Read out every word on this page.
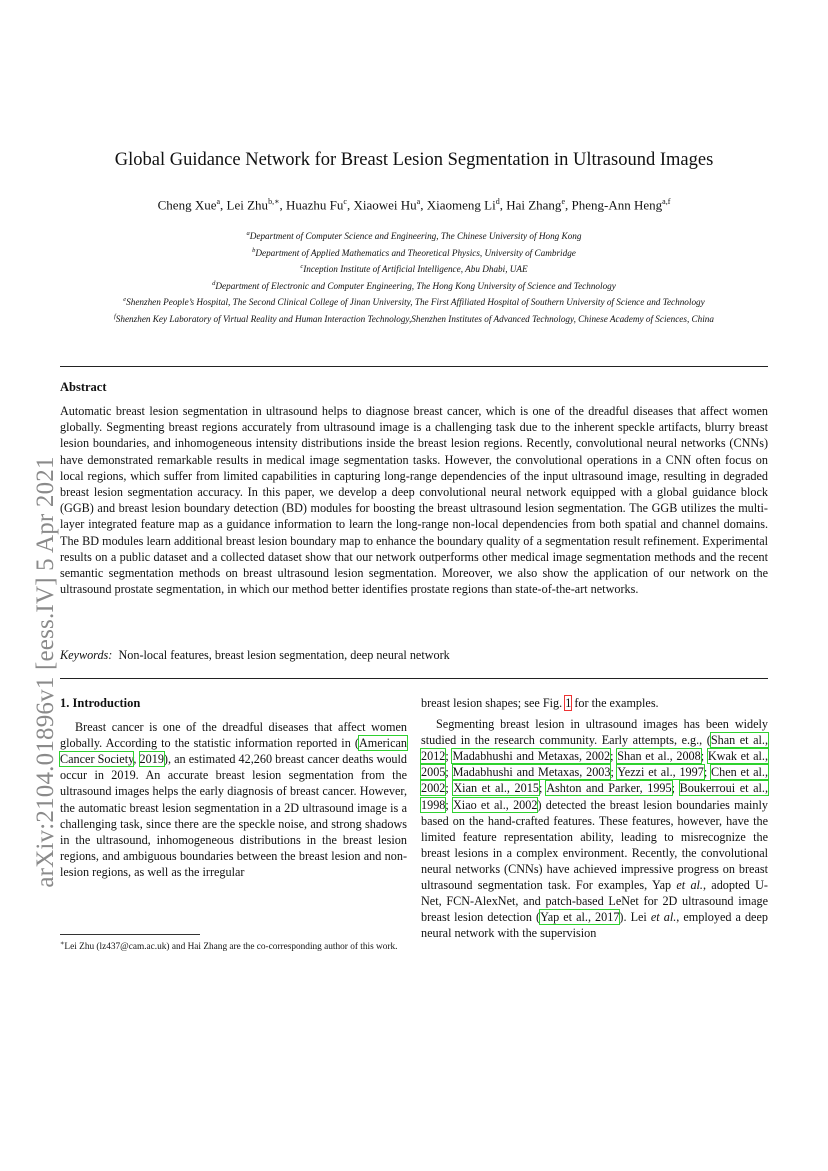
arXiv:2104.01896v1 [eess.IV] 5 Apr 2021
Global Guidance Network for Breast Lesion Segmentation in Ultrasound Images
Cheng Xue$^a$, Lei Zhu$^{b,∗}$, Huazhu Fu$^c$, Xiaowei Hu$^a$, Xiaomeng Li$^d$, Hai Zhang$^e$, Pheng-Ann Heng$^{a,f}$
$^a$Department of Computer Science and Engineering, The Chinese University of Hong Kong
$^b$Department of Applied Mathematics and Theoretical Physics, University of Cambridge
$^c$Inception Institute of Artificial Intelligence, Abu Dhabi, UAE
$^d$Department of Electronic and Computer Engineering, The Hong Kong University of Science and Technology
$^e$Shenzhen People’s Hospital, The Second Clinical College of Jinan University, The First Affiliated Hospital of Southern University of Science and Technology
$^f$Shenzhen Key Laboratory of Virtual Reality and Human Interaction Technology,Shenzhen Institutes of Advanced Technology, Chinese Academy of Sciences, China
Abstract
Automatic breast lesion segmentation in ultrasound helps to diagnose breast cancer, which is one of the dreadful diseases that affect women globally. Segmenting breast regions accurately from ultrasound image is a challenging task due to the inherent speckle artifacts, blurry breast lesion boundaries, and inhomogeneous intensity distributions inside the breast lesion regions. Recently, convolutional neural networks (CNNs) have demonstrated remarkable results in medical image segmentation tasks. However, the convolutional operations in a CNN often focus on local regions, which suffer from limited capabilities in capturing long-range dependencies of the input ultrasound image, resulting in degraded breast lesion segmentation accuracy. In this paper, we develop a deep convolutional neural network equipped with a global guidance block (GGB) and breast lesion boundary detection (BD) modules for boosting the breast ultrasound lesion segmentation. The GGB utilizes the multi-layer integrated feature map as a guidance information to learn the long-range non-local dependencies from both spatial and channel domains. The BD modules learn additional breast lesion boundary map to enhance the boundary quality of a segmentation result refinement. Experimental results on a public dataset and a collected dataset show that our network outperforms other medical image segmentation methods and the recent semantic segmentation methods on breast ultrasound lesion segmentation. Moreover, we also show the application of our network on the ultrasound prostate segmentation, in which our method better identifies prostate regions than state-of-the-art networks.
Keywords: Non-local features, breast lesion segmentation, deep neural network
1. Introduction

Breast cancer is one of the dreadful diseases that affect women globally. According to the statistic information reported in (American Cancer Society, 2019), an estimated 42,260 breast cancer deaths would occur in 2019. An accurate breast lesion segmentation from the ultrasound images helps the early diagnosis of breast cancer. However, the automatic breast lesion segmentation in a 2D ultrasound image is a challenging task, since there are the speckle noise, and strong shadows in the ultrasound, inhomogeneous distributions in the breast lesion regions, and ambiguous boundaries between the breast lesion and non-lesion regions, as well as the irregular

breast lesion shapes; see Fig. 1 for the examples.

Segmenting breast lesion in ultrasound images has been widely studied in the research community. Early attempts, e.g., (Shan et al., 2012; Madabhushi and Metaxas, 2002; Shan et al., 2008; Kwak et al., 2005; Madabhushi and Metaxas, 2003; Yezzi et al., 1997; Chen et al., 2002; Xian et al., 2015; Ashton and Parker, 1995; Boukerroui et al., 1998; Xiao et al., 2002) detected the breast lesion boundaries mainly based on the hand-crafted features. These features, however, have the limited feature representation ability, leading to misrecognize the breast lesions in a complex environment. Recently, the convolutional neural networks (CNNs) have achieved impressive progress on breast ultrasound segmentation task. For examples, Yap et al., adopted U-Net, FCN-AlexNet, and patch-based LeNet for 2D ultrasound image breast lesion detection (Yap et al., 2017). Lei et al., employed a deep neural network with the supervision

∗Lei Zhu (lz437@cam.ac.uk) and Hai Zhang are the co-corresponding author of this work.
